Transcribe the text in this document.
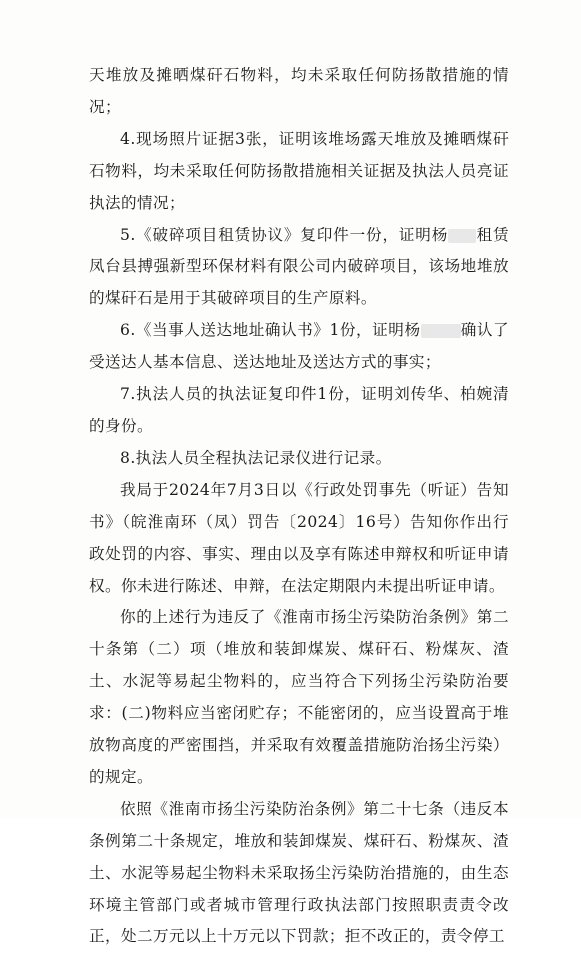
天堆放及摊晒煤矸石物料，均未采取任何防扬散措施的情况；

4.现场照片证据3张，证明该堆场露天堆放及摊晒煤矸石物料，均未采取任何防扬散措施相关证据及执法人员亮证执法的情况；

5.《破碎项目租赁协议》复印件一份，证明杨 租赁凤台县搏强新型环保材料有限公司内破碎项目，该场地堆放的煤矸石是用于其破碎项目的生产原料。

6.《当事人送达地址确认书》1份，证明杨	确认了受送达人基本信息、送达地址及送达方式的事实；

7.执法人员的执法证复印件1份，证明刘传华、柏婉清的身份。

8.执法人员全程执法记录仪进行记录。

我局于2024年7月3日以《行政处罚事先（听证）告知书》（皖淮南环（凤）罚告〔2024〕16号）告知你作出行政处罚的内容、事实、理由以及享有陈述申辩权和听证申请权。你未进行陈述、申辩，在法定期限内未提出听证申请。

你的上述行为违反了《淮南市扬尘污染防治条例》第二十条第（二）项（堆放和装卸煤炭、煤矸石、粉煤灰、渣土、水泥等易起尘物料的，应当符合下列扬尘污染防治要求：(二)物料应当密闭贮存；不能密闭的，应当设置高于堆放物高度的严密围挡，并采取有效覆盖措施防治扬尘污染）的规定。

依照《淮南市扬尘污染防治条例》第二十七条（违反本条例第二十条规定，堆放和装卸煤炭、煤矸石、粉煤灰、渣土、水泥等易起尘物料未采取扬尘污染防治措施的，由生态环境主管部门或者城市管理行政执法部门按照职责责令改正，处二万元以上十万元以下罚款；拒不改正的，责令停工
